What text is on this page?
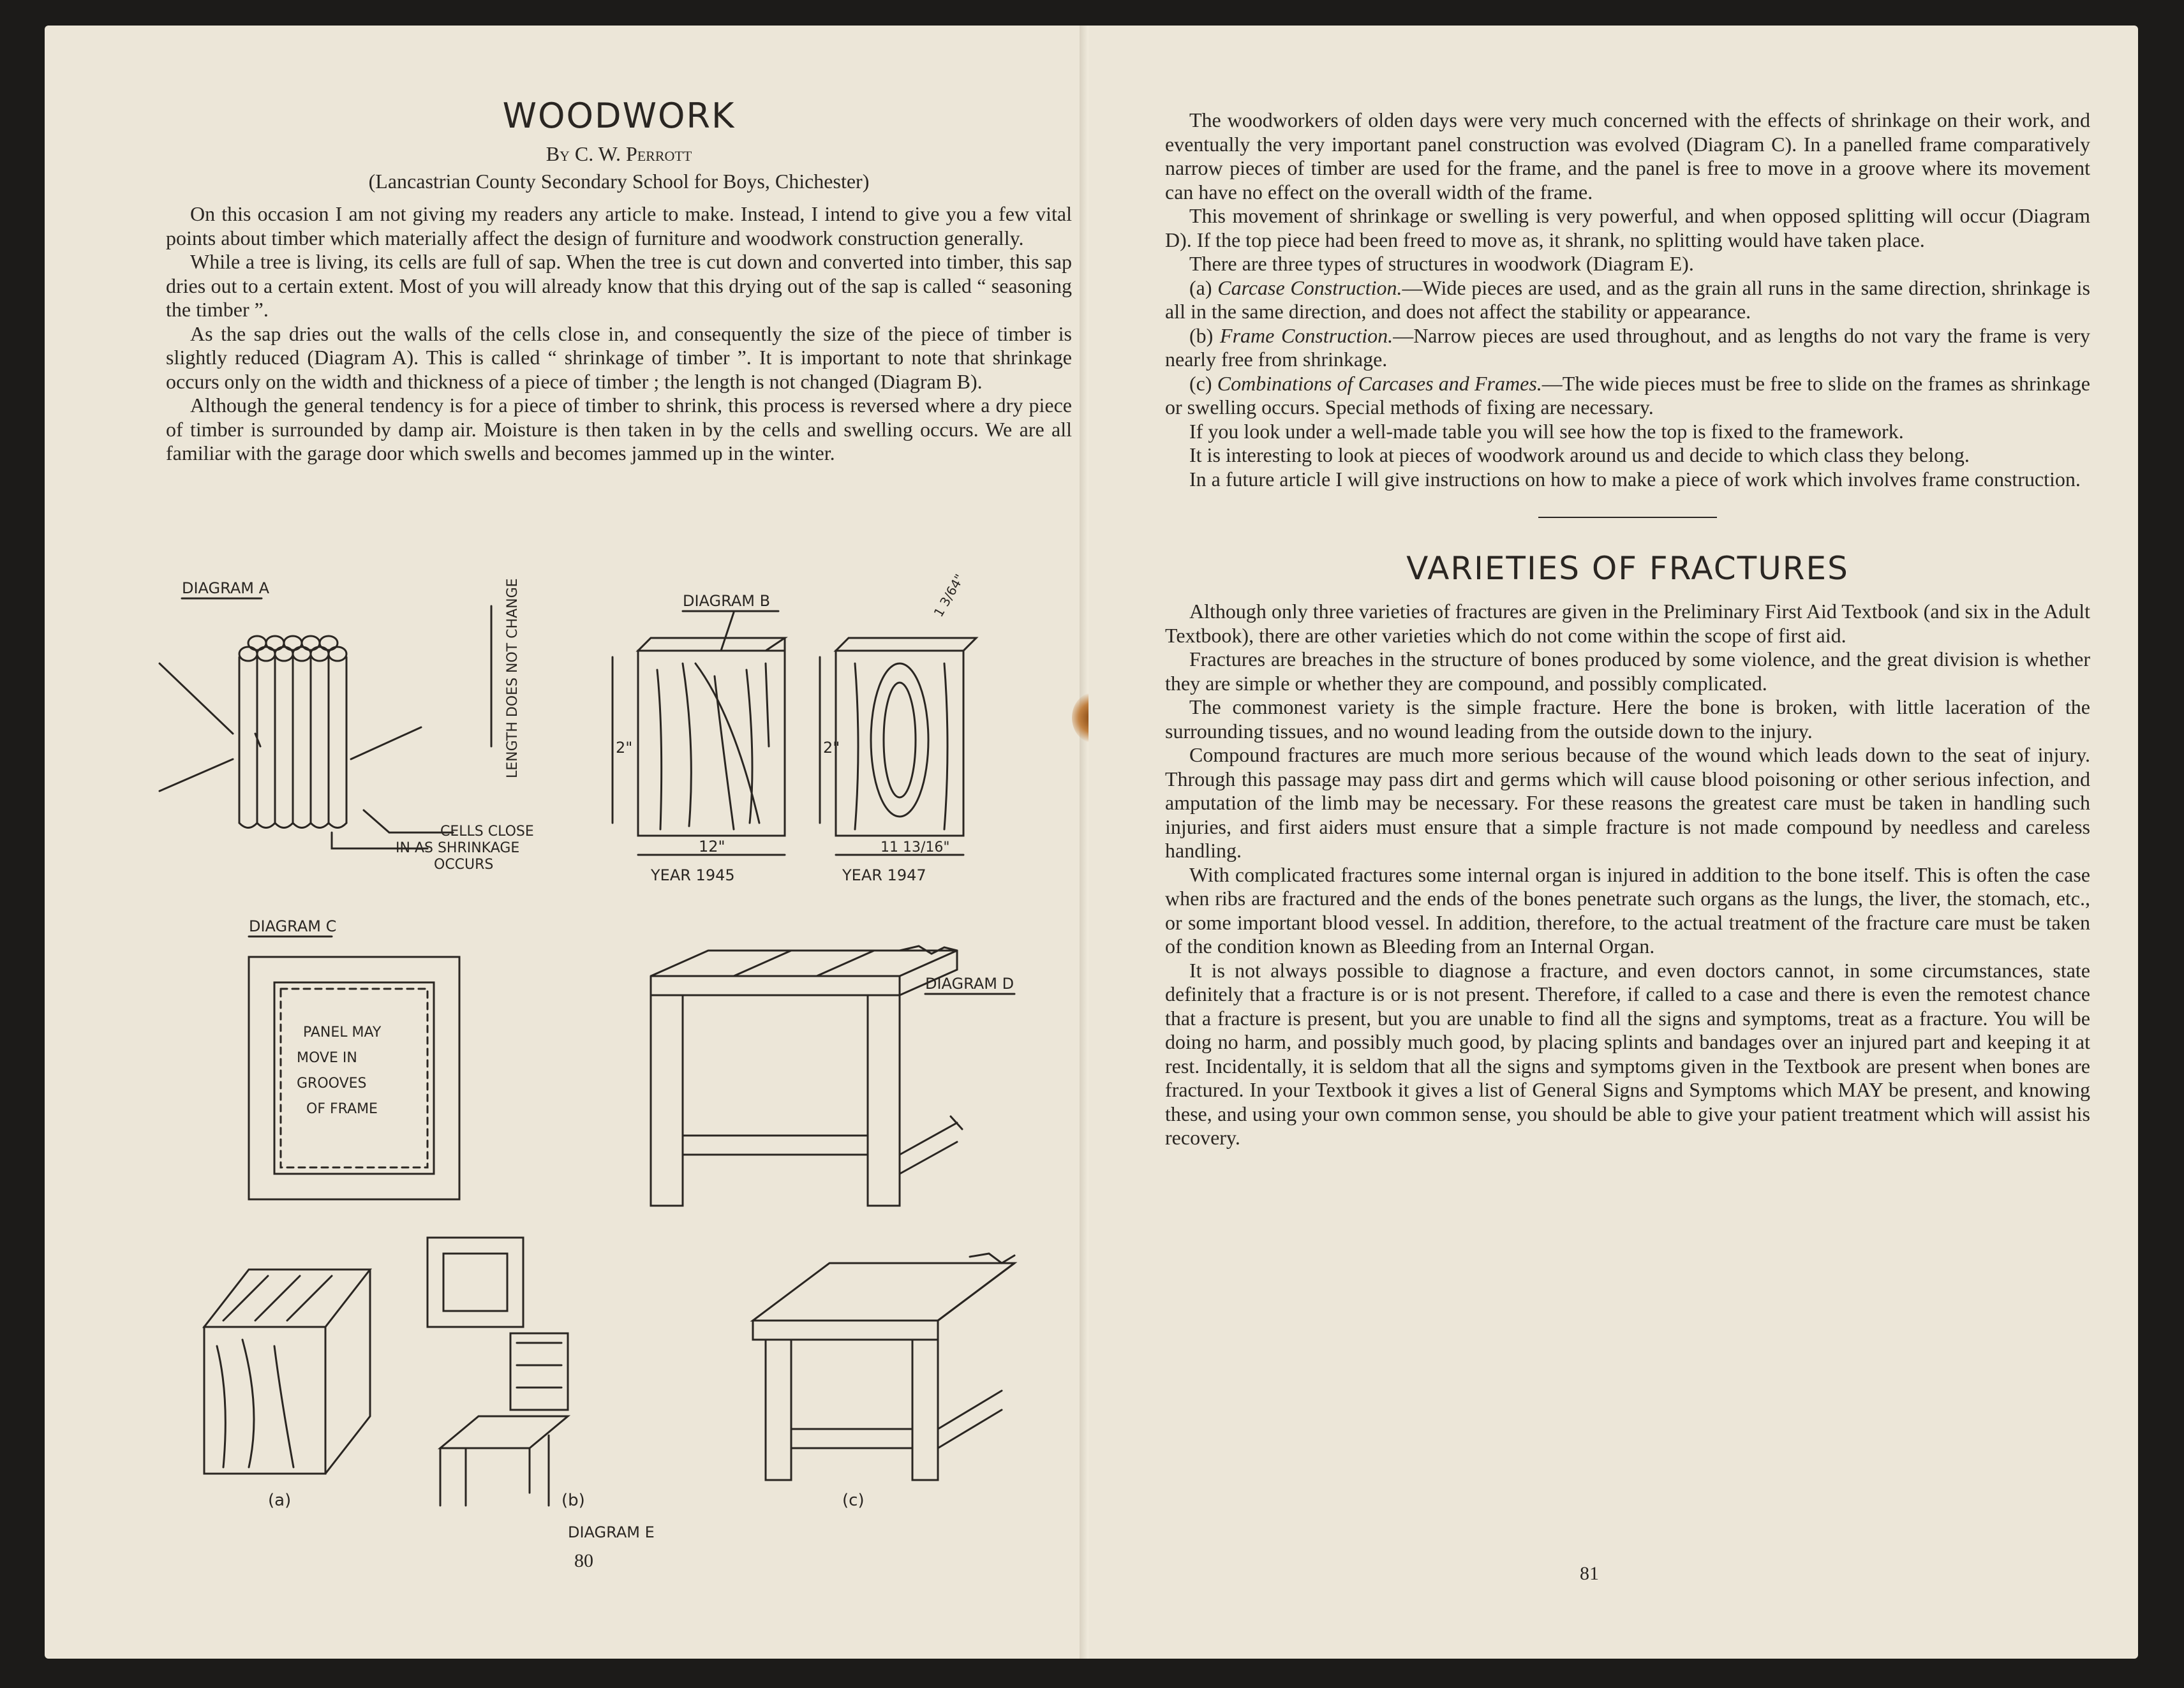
WOODWORK

By C. W. Perrott

(Lancastrian County Secondary School for Boys, Chichester)

On this occasion I am not giving my readers any article to make. Instead, I intend to give you a few vital points about timber which materially affect the design of furniture and woodwork construction generally.

While a tree is living, its cells are full of sap. When the tree is cut down and converted into timber, this sap dries out to a certain extent. Most of you will already know that this drying out of the sap is called “ seasoning the timber ”.

As the sap dries out the walls of the cells close in, and consequently the size of the piece of timber is slightly reduced (Diagram A). This is called “ shrinkage of timber ”. It is important to note that shrinkage occurs only on the width and thickness of a piece of timber ; the length is not changed (Diagram B).

Although the general tendency is for a piece of timber to shrink, this process is reversed where a dry piece of timber is surrounded by damp air. Moisture is then taken in by the cells and swelling occurs. We are all familiar with the garage door which swells and becomes jammed up in the winter.

DIAGRAM A	LENGTH DOES NOT CHANGE
CELLS CLOSE
IN AS SHRINKAGE
OCCURS
DIAGRAM B
2"
12"
YEAR 1945
2"
1 3/64"
11 13/16"
YEAR 1947
DIAGRAM C
PANEL MAY
MOVE IN
GROOVES
OF FRAME
DIAGRAM D
(a)	(b)	(c)
DIAGRAM E
80

The woodworkers of olden days were very much concerned with the effects of shrinkage on their work, and eventually the very important panel construction was evolved (Diagram C). In a panelled frame comparatively narrow pieces of timber are used for the frame, and the panel is free to move in a groove where its movement can have no effect on the overall width of the frame.

This movement of shrinkage or swelling is very powerful, and when opposed splitting will occur (Diagram D). If the top piece had been freed to move as, it shrank, no splitting would have taken place.

There are three types of structures in woodwork (Diagram E).

(a) Carcase Construction.—Wide pieces are used, and as the grain all runs in the same direction, shrinkage is all in the same direction, and does not affect the stability or appearance.

(b) Frame Construction.—Narrow pieces are used throughout, and as lengths do not vary the frame is very nearly free from shrinkage.

(c) Combinations of Carcases and Frames.—The wide pieces must be free to slide on the frames as shrinkage or swelling occurs. Special methods of fixing are necessary.

If you look under a well-made table you will see how the top is fixed to the framework.

It is interesting to look at pieces of woodwork around us and decide to which class they belong.

In a future article I will give instructions on how to make a piece of work which involves frame construction.

VARIETIES OF FRACTURES

Although only three varieties of fractures are given in the Preliminary First Aid Textbook (and six in the Adult Textbook), there are other varieties which do not come within the scope of first aid.

Fractures are breaches in the structure of bones produced by some violence, and the great division is whether they are simple or whether they are compound, and possibly complicated.

The commonest variety is the simple fracture. Here the bone is broken, with little laceration of the surrounding tissues, and no wound leading from the outside down to the injury.

Compound fractures are much more serious because of the wound which leads down to the seat of injury. Through this passage may pass dirt and germs which will cause blood poisoning or other serious infection, and amputation of the limb may be necessary. For these reasons the greatest care must be taken in handling such injuries, and first aiders must ensure that a simple fracture is not made compound by needless and careless handling.

With complicated fractures some internal organ is injured in addition to the bone itself. This is often the case when ribs are fractured and the ends of the bones penetrate such organs as the lungs, the liver, the stomach, etc., or some important blood vessel. In addition, therefore, to the actual treatment of the fracture care must be taken of the condition known as Bleeding from an Internal Organ.

It is not always possible to diagnose a fracture, and even doctors cannot, in some circumstances, state definitely that a fracture is or is not present. Therefore, if called to a case and there is even the remotest chance that a fracture is present, but you are unable to find all the signs and symptoms, treat as a fracture. You will be doing no harm, and possibly much good, by placing splints and bandages over an injured part and keeping it at rest. Incidentally, it is seldom that all the signs and symptoms given in the Textbook are present when bones are fractured. In your Textbook it gives a list of General Signs and Symptoms which MAY be present, and knowing these, and using your own common sense, you should be able to give your patient treatment which will assist his recovery.

81
